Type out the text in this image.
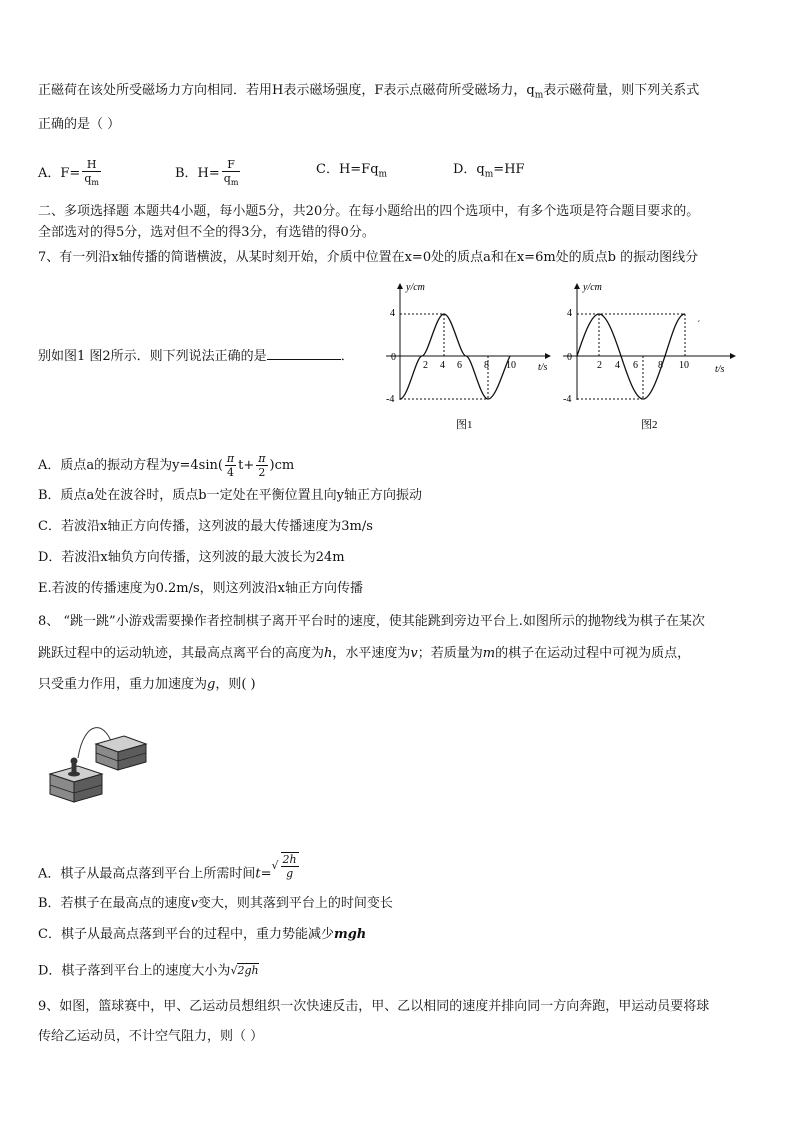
正磁荷在该处所受磁场力方向相同．若用H表示磁场强度，F表示点磁荷所受磁场力，$q_m$表示磁荷量，则下列关系式
正确的是（ ）
A．$F= \frac{H}{q_m}$	B．$H= \frac{F}{q_m}$	C．$H=Fq_m$	D．$q_m=HF$
二、多项选择题 本题共4小题，每小题5分，共20分。在每小题给出的四个选项中，有多个选项是符合题目要求的。
全部选对的得5分，选对但不全的得3分，有选错的得0分。
7、有一列沿x轴传播的简谐横波，从某时刻开始，介质中位置在x=0处的质点a和在x=6m处的质点b 的振动图线分
别如图1 图2所示．则下列说法正确的是	．
y/cm
t/s
4
-4
0
2 4 6 8 10
图1
y/cm
t/s
4
-4
0
2 4 6 8 10
ˊ
图2
A．质点a的振动方程为$y=4\sin( \frac{\pi}{4} t+ \frac{\pi}{2} )cm$
B．质点a处在波谷时，质点b一定处在平衡位置且向y轴正方向振动
C．若波沿x轴正方向传播，这列波的最大传播速度为3m/s
D．若波沿x轴负方向传播，这列波的最大波长为24m
E.若波的传播速度为0.2m/s，则这列波沿x轴正方向传播
8、 “跳一跳”小游戏需要操作者控制棋子离开平台时的速度，使其能跳到旁边平台上.如图所示的抛物线为棋子在某次
跳跃过程中的运动轨迹，其最高点离平台的高度为h，水平速度为v；若质量为m的棋子在运动过程中可视为质点，
只受重力作用，重力加速度为g，则( )
A．棋子从最高点落到平台上所需时间$t=√ \frac{2h}{g}$
B．若棋子在最高点的速度v变大，则其落到平台上的时间变长
C．棋子从最高点落到平台的过程中，重力势能减少mgh
D．棋子落到平台上的速度大小为√2gh
9、如图，篮球赛中，甲、乙运动员想组织一次快速反击，甲、乙以相同的速度并排向同一方向奔跑，甲运动员要将球
传给乙运动员，不计空气阻力，则（ ）
